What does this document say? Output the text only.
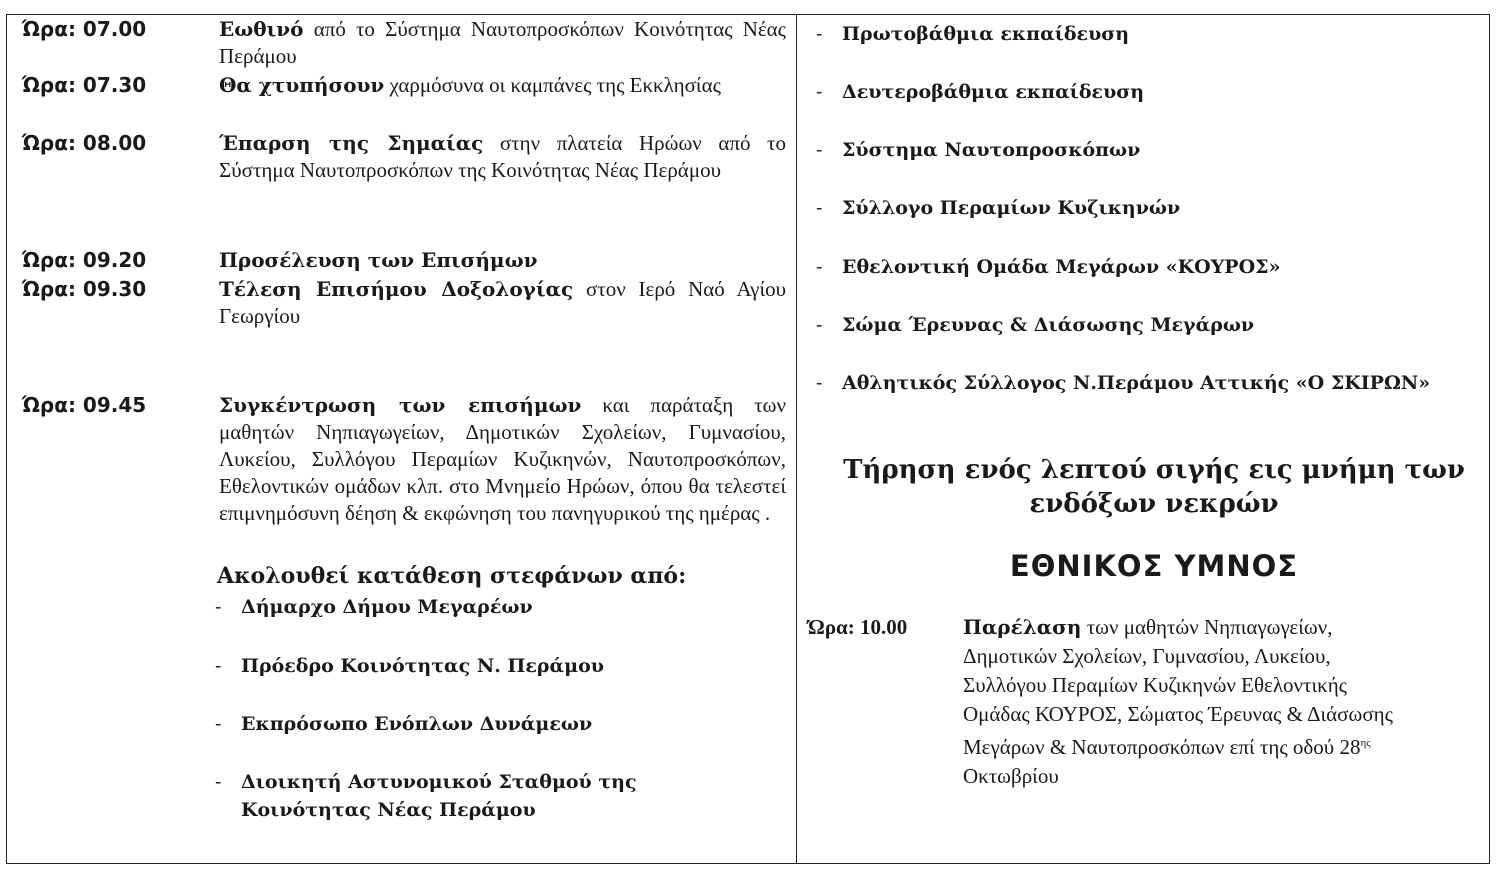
Ώρα: 07.00	Εωθινό από το Σύστημα Ναυτοπροσκόπων Κοινότητας Νέας Περάμου
Ώρα: 07.30	Θα χτυπήσουν χαρμόσυνα οι καμπάνες της Εκκλησίας
Ώρα: 08.00	Έπαρση της Σημαίας στην πλατεία Ηρώων από το Σύστημα Ναυτοπροσκόπων της Κοινότητας Νέας Περάμου
Ώρα: 09.20	Προσέλευση των Επισήμων
Ώρα: 09.30	Τέλεση Επισήμου Δοξολογίας στον Ιερό Ναό Αγίου Γεωργίου
Ώρα: 09.45	Συγκέντρωση των επισήμων και παράταξη των μαθητών Νηπιαγωγείων, Δημοτικών Σχολείων, Γυμνασίου, Λυκείου, Συλλόγου Περαμίων Κυζικηνών, Ναυτοπροσκόπων, Εθελοντικών ομάδων κλπ. στο Μνημείο Ηρώων, όπου θα τελεστεί επιμνημόσυνη δέηση & εκφώνηση του πανηγυρικού της ημέρας .
Ακολουθεί κατάθεση στεφάνων από:
-	Δήμαρχο Δήμου Μεγαρέων
-	Πρόεδρο Κοινότητας Ν. Περάμου
-	Εκπρόσωπο Ενόπλων Δυνάμεων
-	Διοικητή Αστυνομικού Σταθμού της Κοινότητας Νέας Περάμου
-	Πρωτοβάθμια εκπαίδευση
-	Δευτεροβάθμια εκπαίδευση
-	Σύστημα Ναυτοπροσκόπων
-	Σύλλογο Περαμίων Κυζικηνών
-	Εθελοντική Ομάδα Μεγάρων «ΚΟΥΡΟΣ»
-	Σώμα Έρευνας & Διάσωσης Μεγάρων
-	Αθλητικός Σύλλογος Ν.Περάμου Αττικής «Ο ΣΚΙΡΩΝ»
Τήρηση ενός λεπτού σιγής εις μνήμη των ενδόξων νεκρών
ΕΘΝΙΚΟΣ ΥΜΝΟΣ
Ώρα: 10.00	Παρέλαση των μαθητών Νηπιαγωγείων, Δημοτικών Σχολείων, Γυμνασίου, Λυκείου, Συλλόγου Περαμίων Κυζικηνών Εθελοντικής Ομάδας ΚΟΥΡΟΣ, Σώματος Έρευνας & Διάσωσης Μεγάρων & Ναυτοπροσκόπων επί της οδού $28^{\eta\varsigma}$ Οκτωβρίου
